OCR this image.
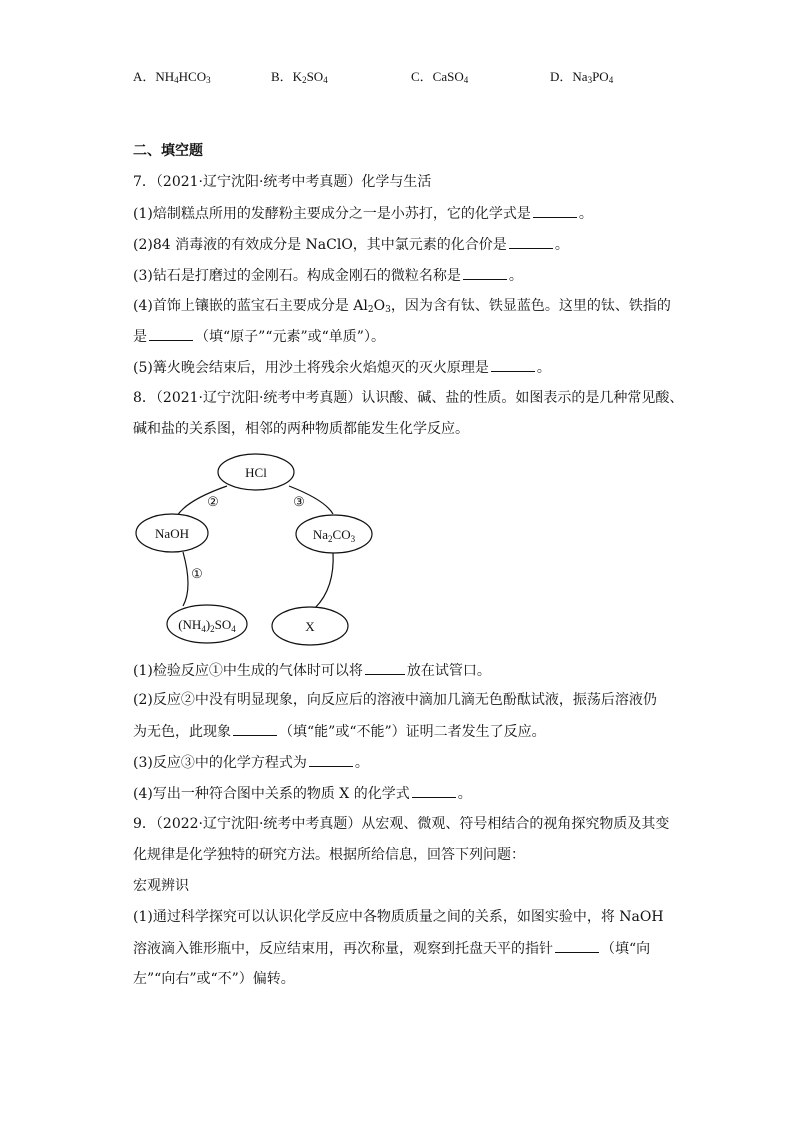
A．$NH_4HCO_3$	B．$K_2SO_4$	C．CaSO$_4$	D．$Na_3PO_4$
二、填空题
7．（2021·辽宁沈阳·统考中考真题）化学与生活
(1)焙制糕点所用的发酵粉主要成分之一是小苏打，它的化学式是	。
(2)84 消毒液的有效成分是 NaClO，其中氯元素的化合价是	。
(3)钻石是打磨过的金刚石。构成金刚石的微粒名称是	。
(4)首饰上镶嵌的蓝宝石主要成分是 $Al_2O_3$，因为含有钛、铁显蓝色。这里的钛、铁指的
是	（填“原子”“元素”或“单质”）。
(5)篝火晚会结束后，用沙土将残余火焰熄灭的灭火原理是	。
8．（2021·辽宁沈阳·统考中考真题）认识酸、碱、盐的性质。如图表示的是几种常见酸、
碱和盐的关系图，相邻的两种物质都能发生化学反应。
HCl
NaOH	$Na_2CO_3$
$(NH_4)_2SO_4$	X
②	③
①
(1)检验反应①中生成的气体时可以将	放在试管口。
(2)反应②中没有明显现象，向反应后的溶液中滴加几滴无色酚酞试液，振荡后溶液仍
为无色，此现象	（填“能”或“不能”）证明二者发生了反应。
(3)反应③中的化学方程式为	。
(4)写出一种符合图中关系的物质 X 的化学式	。
9．（2022·辽宁沈阳·统考中考真题）从宏观、微观、符号相结合的视角探究物质及其变
化规律是化学独特的研究方法。根据所给信息，回答下列问题：
宏观辨识
(1)通过科学探究可以认识化学反应中各物质质量之间的关系，如图实验中，将 NaOH
溶液滴入锥形瓶中，反应结束用，再次称量，观察到托盘天平的指针	（填“向
左”“向右”或“不”）偏转。
